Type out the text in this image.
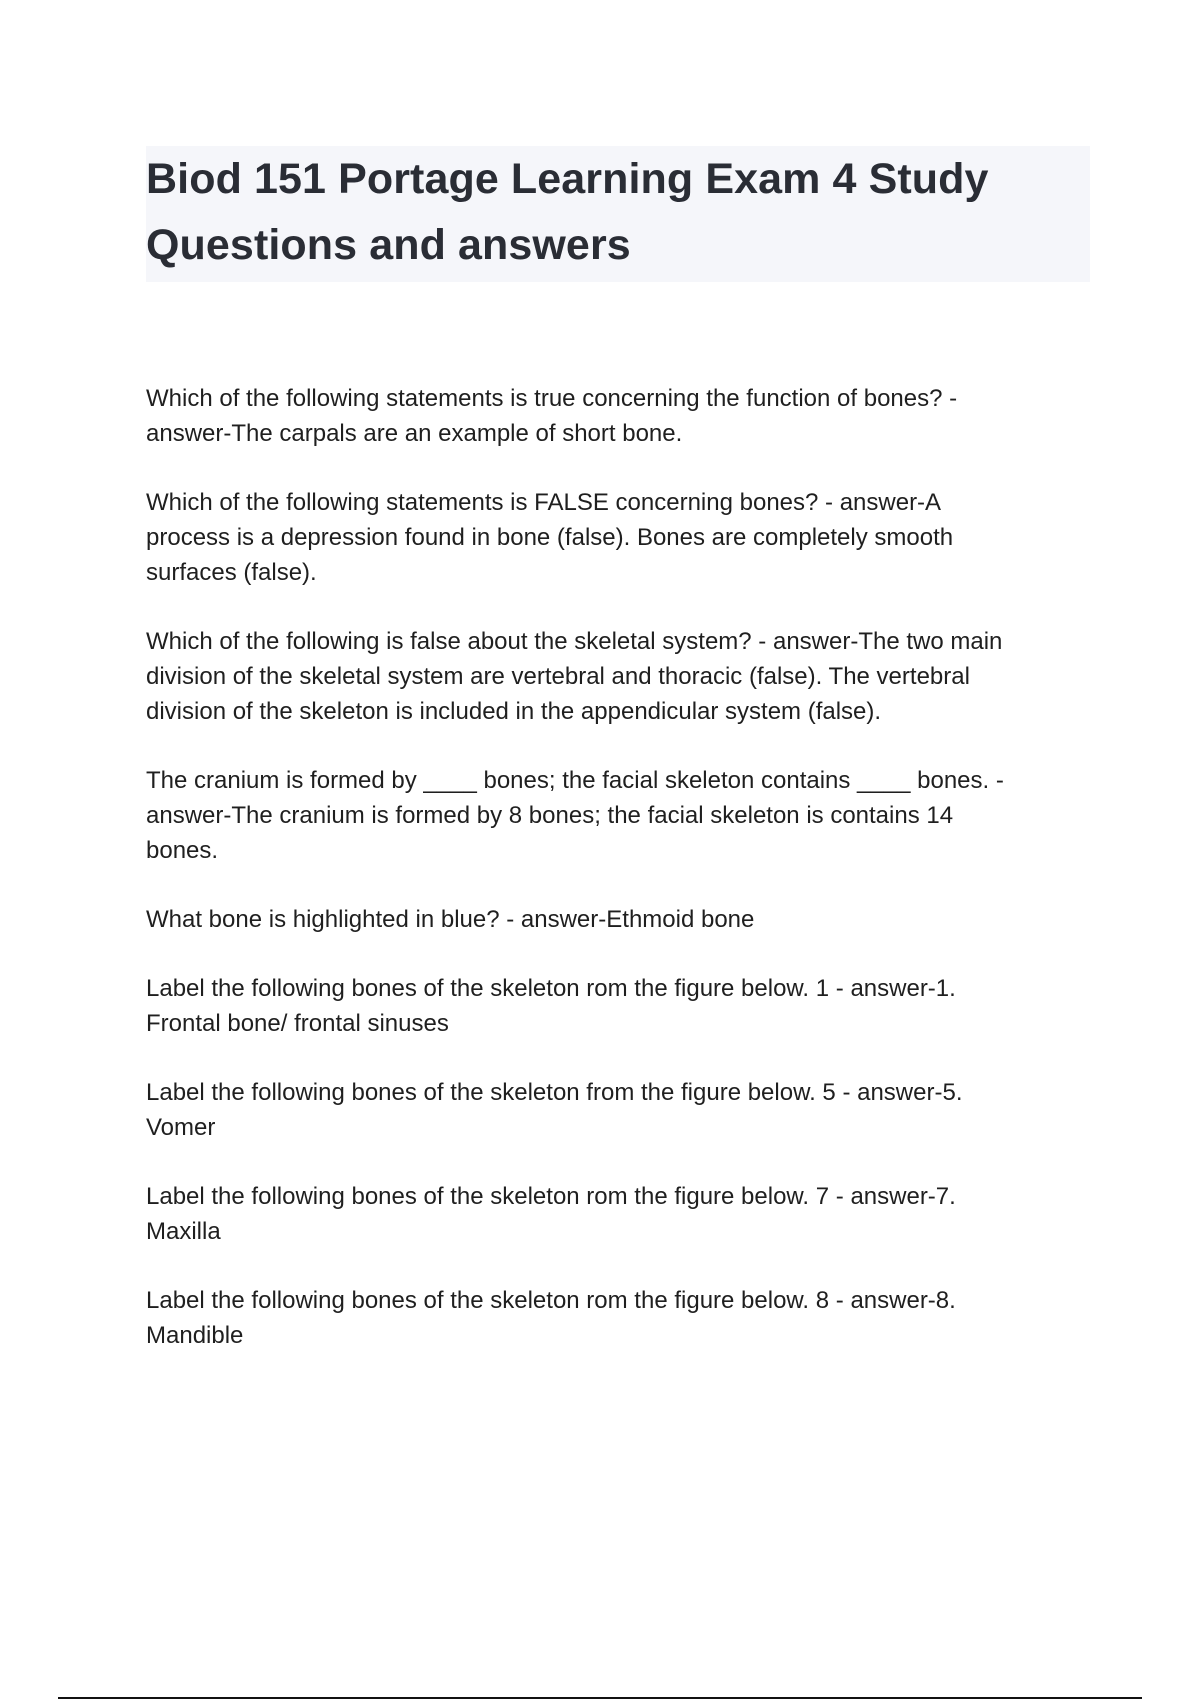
Biod 151 Portage Learning Exam 4 Study Questions and answers

Which of the following statements is true concerning the function of bones? -
answer-The carpals are an example of short bone.

Which of the following statements is FALSE concerning bones? - answer-A
process is a depression found in bone (false). Bones are completely smooth
surfaces (false).

Which of the following is false about the skeletal system? - answer-The two main
division of the skeletal system are vertebral and thoracic (false). The vertebral
division of the skeleton is included in the appendicular system (false).

The cranium is formed by ____ bones; the facial skeleton contains ____ bones. -
answer-The cranium is formed by 8 bones; the facial skeleton is contains 14
bones.

What bone is highlighted in blue? - answer-Ethmoid bone

Label the following bones of the skeleton rom the figure below. 1 - answer-1.
Frontal bone/ frontal sinuses

Label the following bones of the skeleton from the figure below. 5 - answer-5.
Vomer

Label the following bones of the skeleton rom the figure below. 7 - answer-7.
Maxilla

Label the following bones of the skeleton rom the figure below. 8 - answer-8.
Mandible
